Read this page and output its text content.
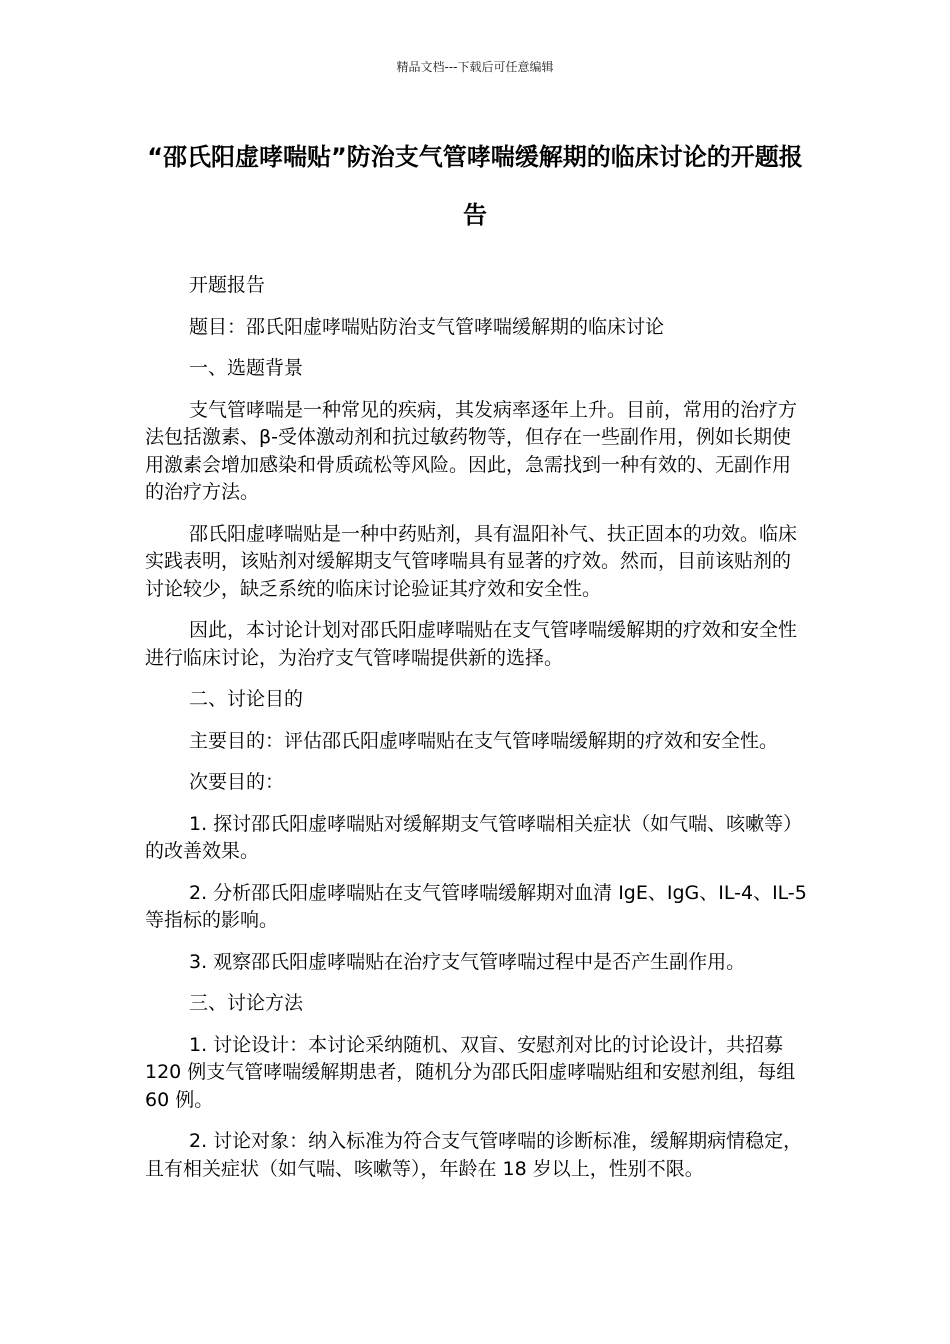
精品文档---下载后可任意编辑
“邵氏阳虚哮喘贴”防治支气管哮喘缓解期的临床讨论的开题报告

开题报告

题目：邵氏阳虚哮喘贴防治支气管哮喘缓解期的临床讨论

一、选题背景

支气管哮喘是一种常见的疾病，其发病率逐年上升。目前，常用的治疗方法包括激素、β-受体激动剂和抗过敏药物等，但存在一些副作用，例如长期使用激素会增加感染和骨质疏松等风险。因此，急需找到一种有效的、无副作用的治疗方法。

邵氏阳虚哮喘贴是一种中药贴剂，具有温阳补气、扶正固本的功效。临床实践表明，该贴剂对缓解期支气管哮喘具有显著的疗效。然而，目前该贴剂的讨论较少，缺乏系统的临床讨论验证其疗效和安全性。

因此，本讨论计划对邵氏阳虚哮喘贴在支气管哮喘缓解期的疗效和安全性进行临床讨论，为治疗支气管哮喘提供新的选择。

二、讨论目的

主要目的：评估邵氏阳虚哮喘贴在支气管哮喘缓解期的疗效和安全性。

次要目的：

1. 探讨邵氏阳虚哮喘贴对缓解期支气管哮喘相关症状（如气喘、咳嗽等）的改善效果。

2. 分析邵氏阳虚哮喘贴在支气管哮喘缓解期对血清 IgE、IgG、IL-4、IL-5 等指标的影响。

3. 观察邵氏阳虚哮喘贴在治疗支气管哮喘过程中是否产生副作用。

三、讨论方法

1. 讨论设计：本讨论采纳随机、双盲、安慰剂对比的讨论设计，共招募 120 例支气管哮喘缓解期患者，随机分为邵氏阳虚哮喘贴组和安慰剂组，每组 60 例。

2. 讨论对象：纳入标准为符合支气管哮喘的诊断标准，缓解期病情稳定，且有相关症状（如气喘、咳嗽等），年龄在 18 岁以上，性别不限。
